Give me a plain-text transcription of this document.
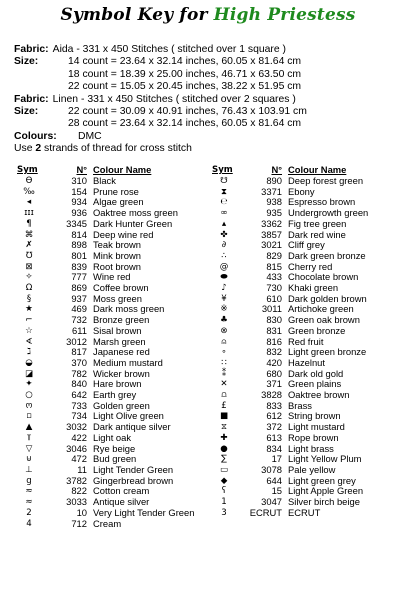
Symbol Key for High Priestess
Fabric: Aida - 331 x 450 Stitches ( stitched over 1 square )
Size:	14 count = 23.64 x 32.14 inches, 60.05 x 81.64 cm
18 count = 18.39 x 25.00 inches, 46.71 x 63.50 cm
22 count = 15.05 x 20.45 inches, 38.22 x 51.95 cm
Fabric: Linen - 331 x 450 Stitches ( stitched over 2 squares )
Size:	22 count = 30.09 x 40.91 inches, 76.43 x 103.91 cm
28 count = 23.64 x 32.14 inches, 60.05 x 81.64 cm
Colours:	DMC
Use
2
strands of thread for cross stitch
Sym	N°	Colour Name
Ɵ	310	Black
‰	154	Prune rose
◂	934	Algae green
ɪɪɪ	936	Oaktree moss green
¶	3345	Dark Hunter Green
⌘	814	Deep wine red
✗	898	Teak brown
℧	801	Mink brown
⊠	839	Root brown
✧	777	Wine red
Ω	869	Coffee brown
§	937	Moss green
★	469	Dark moss green
⌐	732	Bronze green
☆	611	Sisal brown
∢	3012	Marsh green
ℷ	817	Japanese red
◒	370	Medium mustard
◪	782	Wicker brown
✦	840	Hare brown
○	642	Earth grey
ო	733	Golden green
▫	734	Light Olive green
▲	3032	Dark antique silver
⫪	422	Light oak
▽	3046	Rye beige
⊍	472	Bud green
⊥	11	Light Tender Green
g	3782	Gingerbread brown
≂	822	Cotton cream
≈	3033	Antique silver
2	10	Very Light Tender Green
4	712	Cream
Sym	N°	Colour Name
☋	890	Deep forest green
⧗	3371	Ebony
℮	938	Espresso brown
∞	935	Undergrowth green
▴	3362	Fig tree green
✤	3857	Dark red wine
∂	3021	Cliff grey
∴	829	Dark green bronze
@	815	Cherry red
⬬	433	Chocolate brown
♪	730	Khaki green
¥	610	Dark golden brown
※	3011	Artichoke green
♣	830	Green oak brown
⊗	831	Green bronze
⍝	816	Red fruit
∘	832	Light green bronze
∷	420	Hazelnut
⁑	680	Dark old gold
✕	371	Green plains
⩍	3828	Oaktree brown
£	833	Brass
■	612	String brown
⧖	372	Light mustard
✚	613	Rope brown
●	834	Light brass
∑	17	Light Yellow Plum
▭	3078	Pale yellow
◆	644	Light green grey
ʕ	15	Light Apple Green
1	3047	Silver birch beige
3	ECRUT	ECRUT
